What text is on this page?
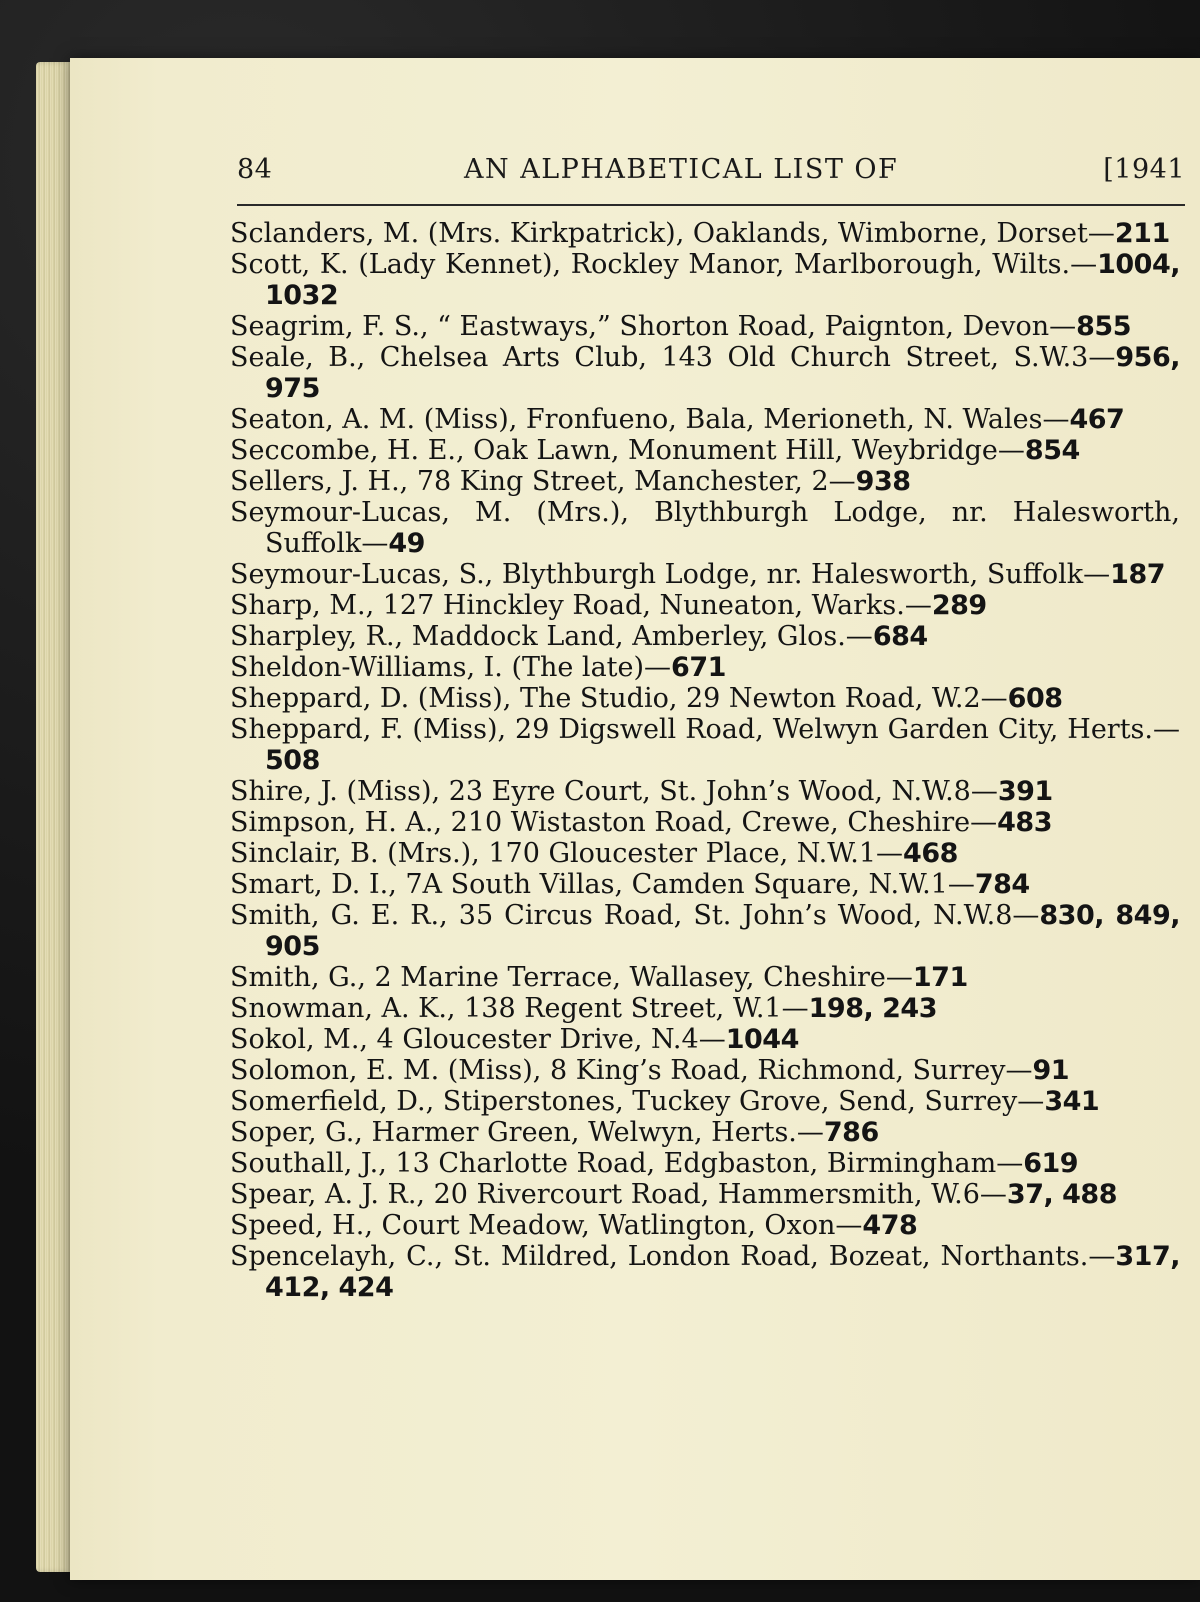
84	AN ALPHABETICAL LIST OF	[1941
Sclanders, M. (Mrs. Kirkpatrick), Oaklands, Wimborne, Dorset—211
Scott, K. (Lady Kennet), Rockley Manor, Marlborough, Wilts.—1004, 1032
Seagrim, F. S., “ Eastways,” Shorton Road, Paignton, Devon—855
Seale, B., Chelsea Arts Club, 143 Old Church Street, S.W.3—956, 975
Seaton, A. M. (Miss), Fronfueno, Bala, Merioneth, N. Wales—467
Seccombe, H. E., Oak Lawn, Monument Hill, Weybridge—854
Sellers, J. H., 78 King Street, Manchester, 2—938
Seymour-Lucas, M. (Mrs.), Blythburgh Lodge, nr. Halesworth, Suffolk—49
Seymour-Lucas, S., Blythburgh Lodge, nr. Halesworth, Suffolk—187
Sharp, M., 127 Hinckley Road, Nuneaton, Warks.—289
Sharpley, R., Maddock Land, Amberley, Glos.—684
Sheldon-Williams, I. (The late)—671
Sheppard, D. (Miss), The Studio, 29 Newton Road, W.2—608
Sheppard, F. (Miss), 29 Digswell Road, Welwyn Garden City, Herts.—508
Shire, J. (Miss), 23 Eyre Court, St. John’s Wood, N.W.8—391
Simpson, H. A., 210 Wistaston Road, Crewe, Cheshire—483
Sinclair, B. (Mrs.), 170 Gloucester Place, N.W.1—468
Smart, D. I., 7A South Villas, Camden Square, N.W.1—784
Smith, G. E. R., 35 Circus Road, St. John’s Wood, N.W.8—830, 849, 905
Smith, G., 2 Marine Terrace, Wallasey, Cheshire—171
Snowman, A. K., 138 Regent Street, W.1—198, 243
Sokol, M., 4 Gloucester Drive, N.4—1044
Solomon, E. M. (Miss), 8 King’s Road, Richmond, Surrey—91
Somerfield, D., Stiperstones, Tuckey Grove, Send, Surrey—341
Soper, G., Harmer Green, Welwyn, Herts.—786
Southall, J., 13 Charlotte Road, Edgbaston, Birmingham—619
Spear, A. J. R., 20 Rivercourt Road, Hammersmith, W.6—37, 488
Speed, H., Court Meadow, Watlington, Oxon—478
Spencelayh, C., St. Mildred, London Road, Bozeat, Northants.—317, 412, 424
